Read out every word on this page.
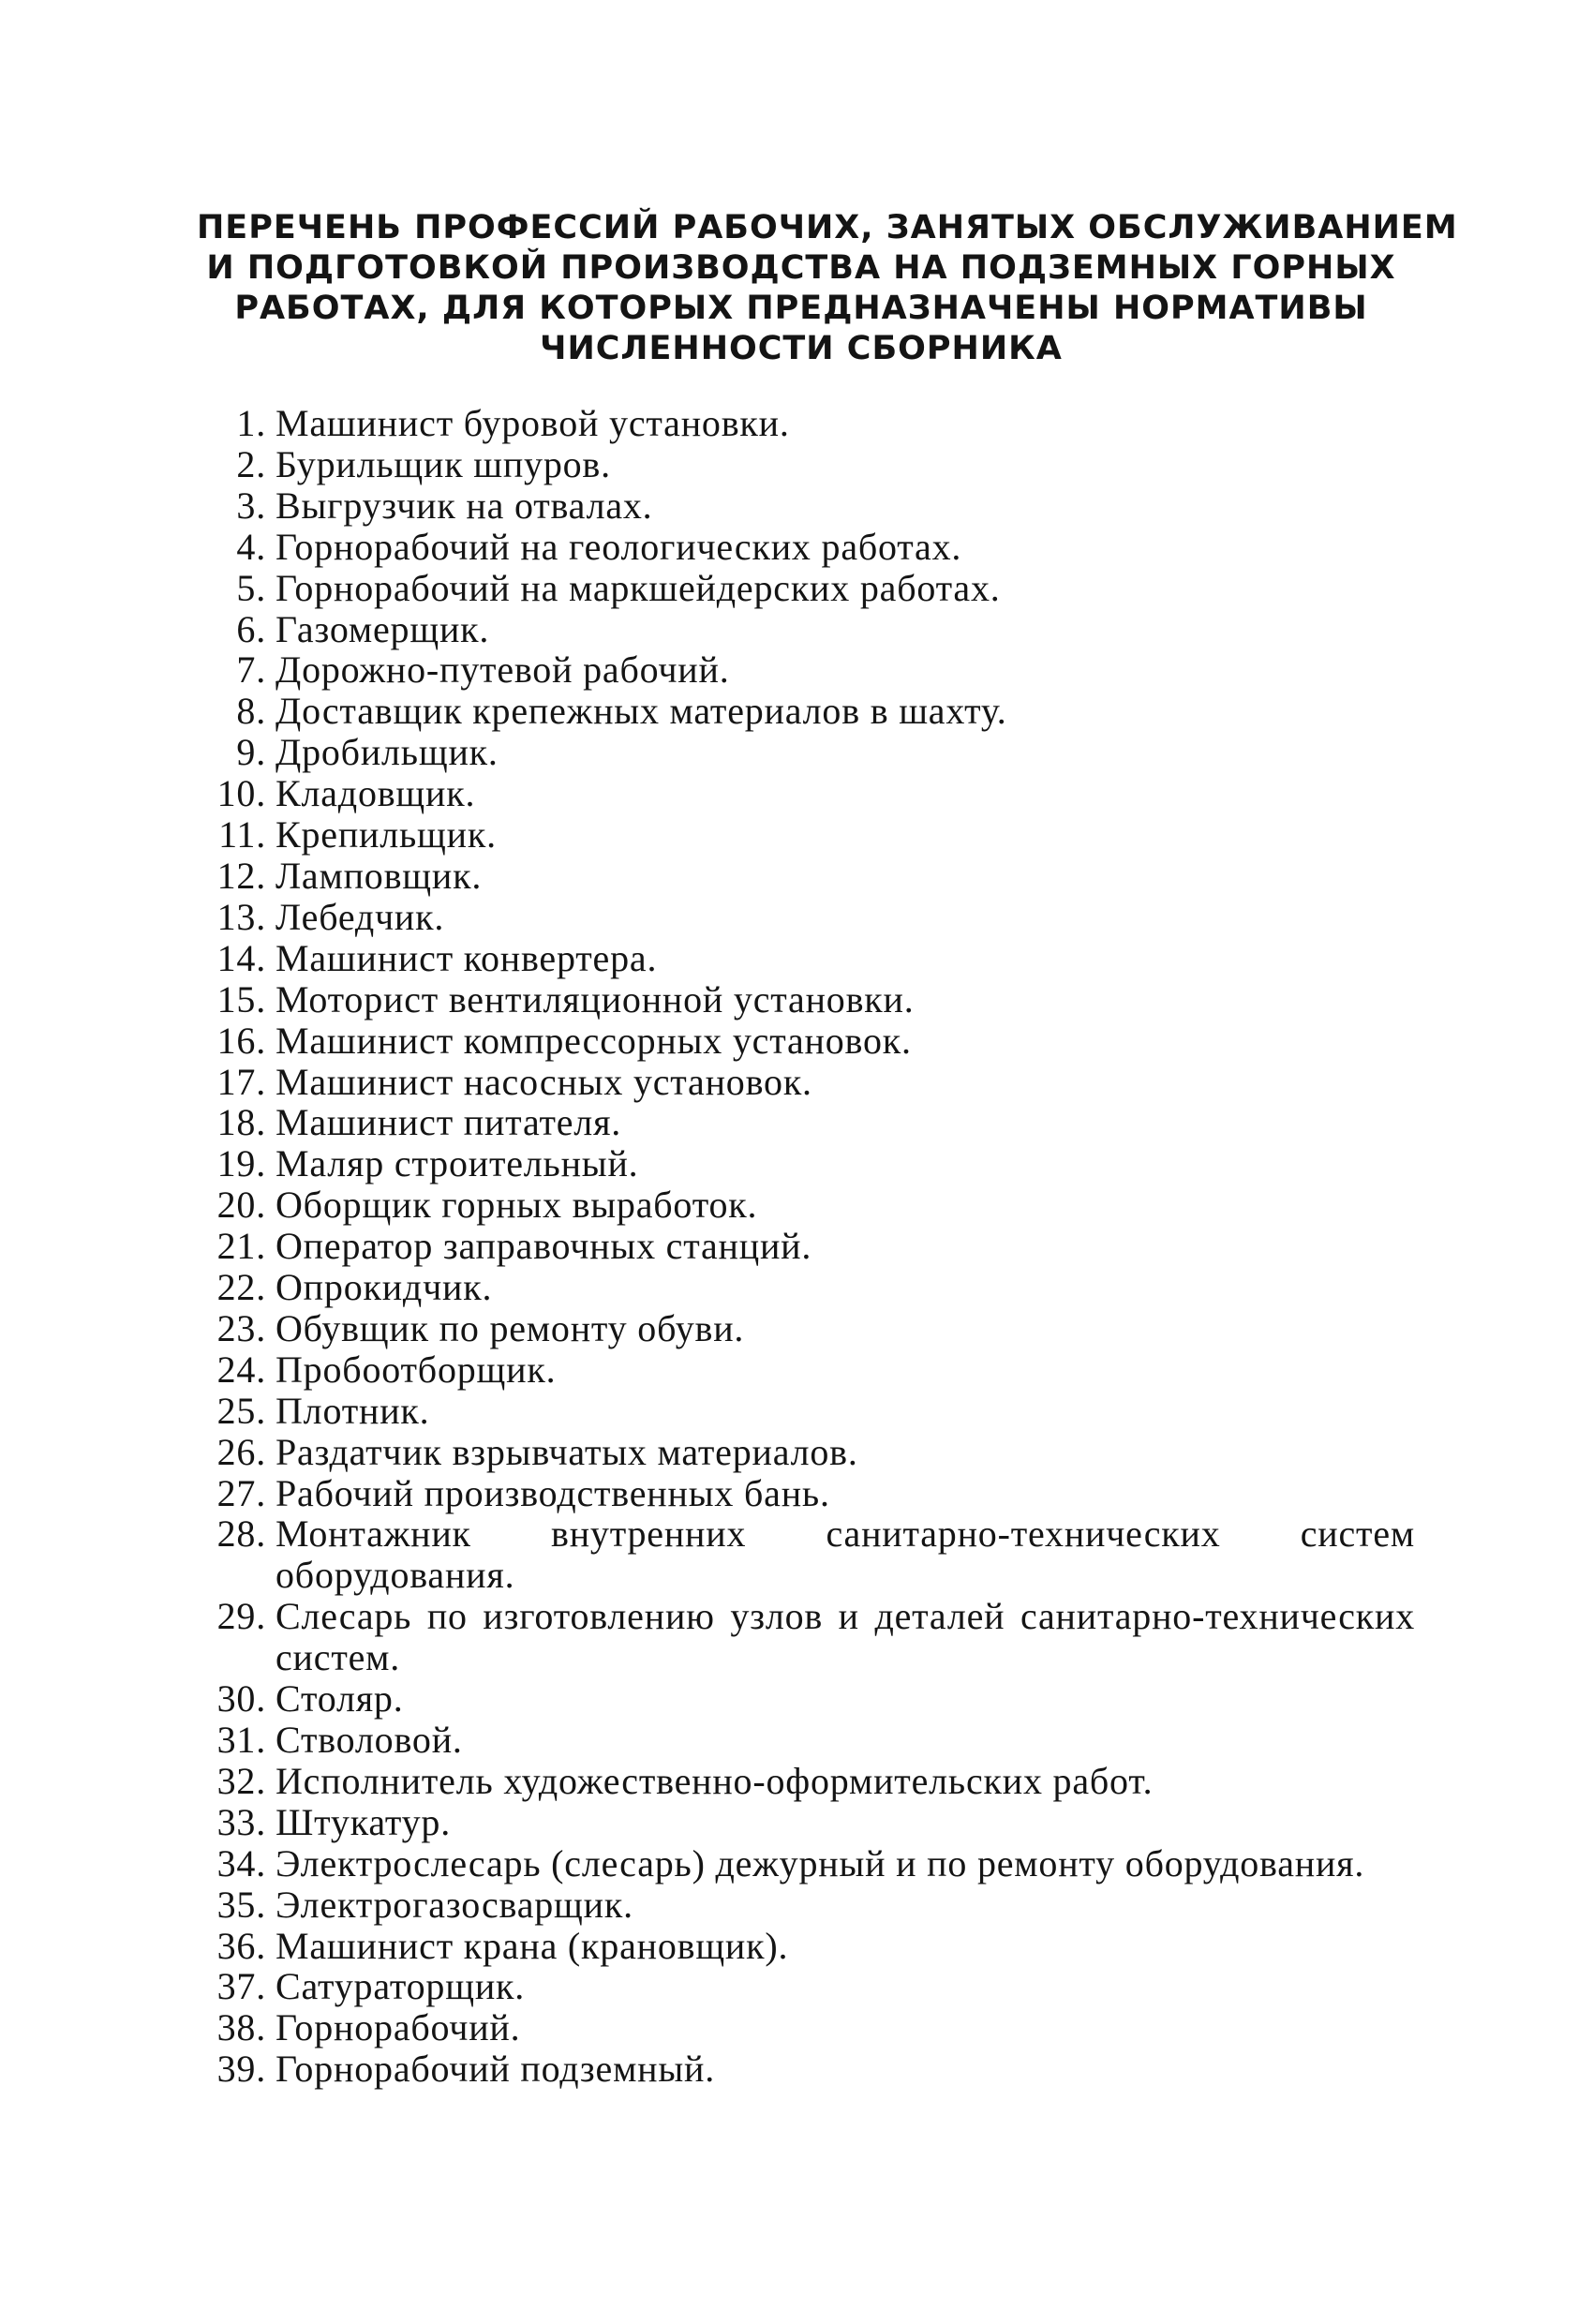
ПЕРЕЧЕНЬ ПРОФЕССИЙ РАБОЧИХ, ЗАНЯТЫХ ОБСЛУЖИВАНИЕМ
И ПОДГОТОВКОЙ ПРОИЗВОДСТВА НА ПОДЗЕМНЫХ ГОРНЫХ
РАБОТАХ, ДЛЯ КОТОРЫХ ПРЕДНАЗНАЧЕНЫ НОРМАТИВЫ
ЧИСЛЕННОСТИ СБОРНИКА
1. Машинист буровой установки.
2. Бурильщик шпуров.
3. Выгрузчик на отвалах.
4. Горнорабочий на геологических работах.
5. Горнорабочий на маркшейдерских работах.
6. Газомерщик.
7. Дорожно-путевой рабочий.
8. Доставщик крепежных материалов в шахту.
9. Дробильщик.
10. Кладовщик.
11. Крепильщик.
12. Ламповщик.
13. Лебедчик.
14. Машинист конвертера.
15. Моторист вентиляционной установки.
16. Машинист компрессорных установок.
17. Машинист насосных установок.
18. Машинист питателя.
19. Маляр строительный.
20. Оборщик горных выработок.
21. Оператор заправочных станций.
22. Опрокидчик.
23. Обувщик по ремонту обуви.
24. Пробоотборщик.
25. Плотник.
26. Раздатчик взрывчатых материалов.
27. Рабочий производственных бань.
28. Монтажник внутренних санитарно-технических систем оборудования.
29. Слесарь по изготовлению узлов и деталей санитарно-технических систем.
30. Столяр.
31. Стволовой.
32. Исполнитель художественно-оформительских работ.
33. Штукатур.
34. Электрослесарь (слесарь) дежурный и по ремонту оборудования.
35. Электрогазосварщик.
36. Машинист крана (крановщик).
37. Сатураторщик.
38. Горнорабочий.
39. Горнорабочий подземный.
